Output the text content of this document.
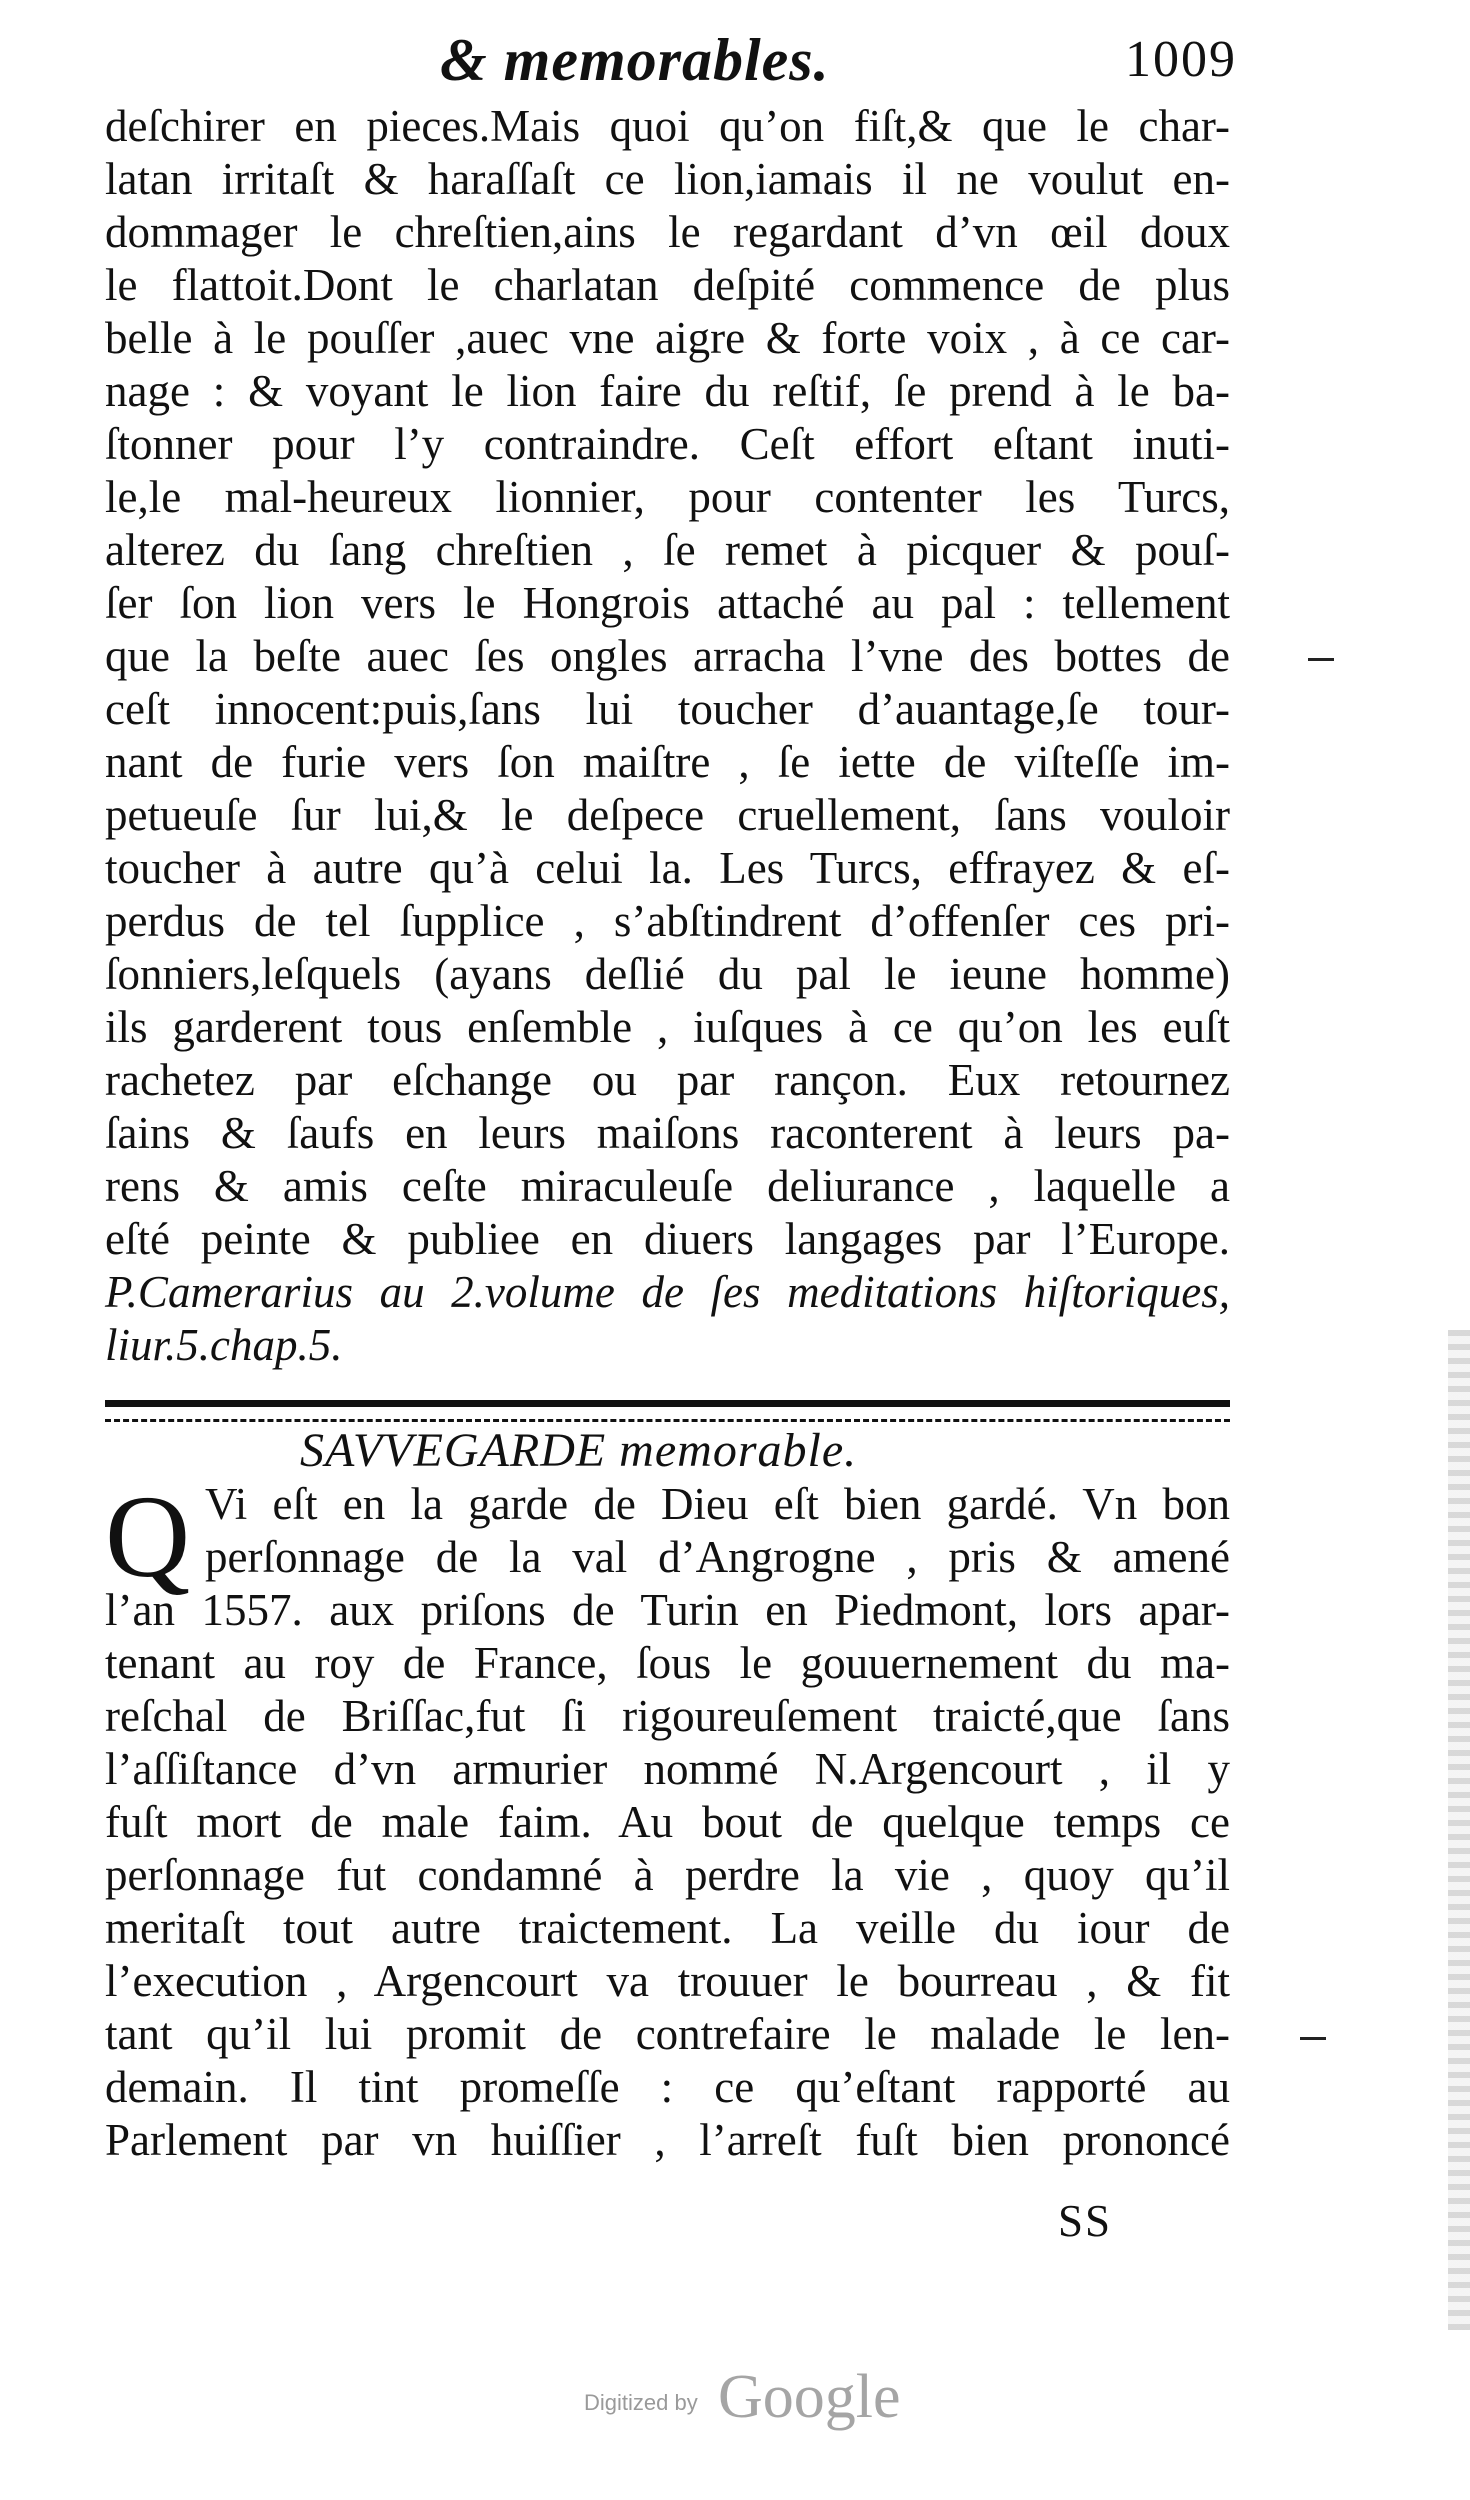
& memorables.	1009
deſchirer en pieces.Mais quoi qu’on fiſt,& que le char-
latan irritaſt & haraſſaſt ce lion,iamais il ne voulut en-
dommager le chreſtien,ains le regardant d’vn œil doux
le flattoit.Dont le charlatan deſpité commence de plus
belle à le pouſſer ,auec vne aigre & forte voix , à ce car-
nage : & voyant le lion faire du reſtif, ſe prend à le ba-
ſtonner pour l’y contraindre. Ceſt effort eſtant inuti-
le,le mal-heureux lionnier, pour contenter les Turcs,
alterez du ſang chreſtien , ſe remet à picquer & pouſ-
ſer ſon lion vers le Hongrois attaché au pal : tellement
que la beſte auec ſes ongles arracha l’vne des bottes de
ceſt innocent:puis,ſans lui toucher d’auantage,ſe tour-
nant de furie vers ſon maiſtre , ſe iette de viſteſſe im-
petueuſe ſur lui,& le deſpece cruellement, ſans vouloir
toucher à autre qu’à celui la. Les Turcs, effrayez & eſ-
perdus de tel ſupplice , s’abſtindrent d’offenſer ces pri-
ſonniers,leſquels (ayans deſlié du pal le ieune homme)
ils garderent tous enſemble , iuſques à ce qu’on les euſt
rachetez par eſchange ou par rançon. Eux retournez
ſains & ſaufs en leurs maiſons raconterent à leurs pa-
rens & amis ceſte miraculeuſe deliurance , laquelle a
eſté peinte & publiee en diuers langages par l’Europe.
P.Camerarius au 2.volume de ſes meditations hiſtoriques,
liur.5.chap.5.
SAVVEGARDE memorable.
Q Vi eſt en la garde de Dieu eſt bien gardé. Vn bon
perſonnage de la val d’Angrogne , pris & amené
l’an 1557. aux priſons de Turin en Piedmont, lors apar-
tenant au roy de France, ſous le gouuernement du ma-
reſchal de Briſſac,fut ſi rigoureuſement traicté,que ſans
l’aſſiſtance d’vn armurier nommé N.Argencourt , il y
fuſt mort de male faim. Au bout de quelque temps ce
perſonnage fut condamné à perdre la vie , quoy qu’il
meritaſt tout autre traictement. La veille du iour de
l’execution , Argencourt va trouuer le bourreau , & fit
tant qu’il lui promit de contrefaire le malade le len-
demain. Il tint promeſſe : ce qu’eſtant rapporté au
Parlement par vn huiſſier , l’arreſt fuſt bien prononcé
SS
Digitized by Google
